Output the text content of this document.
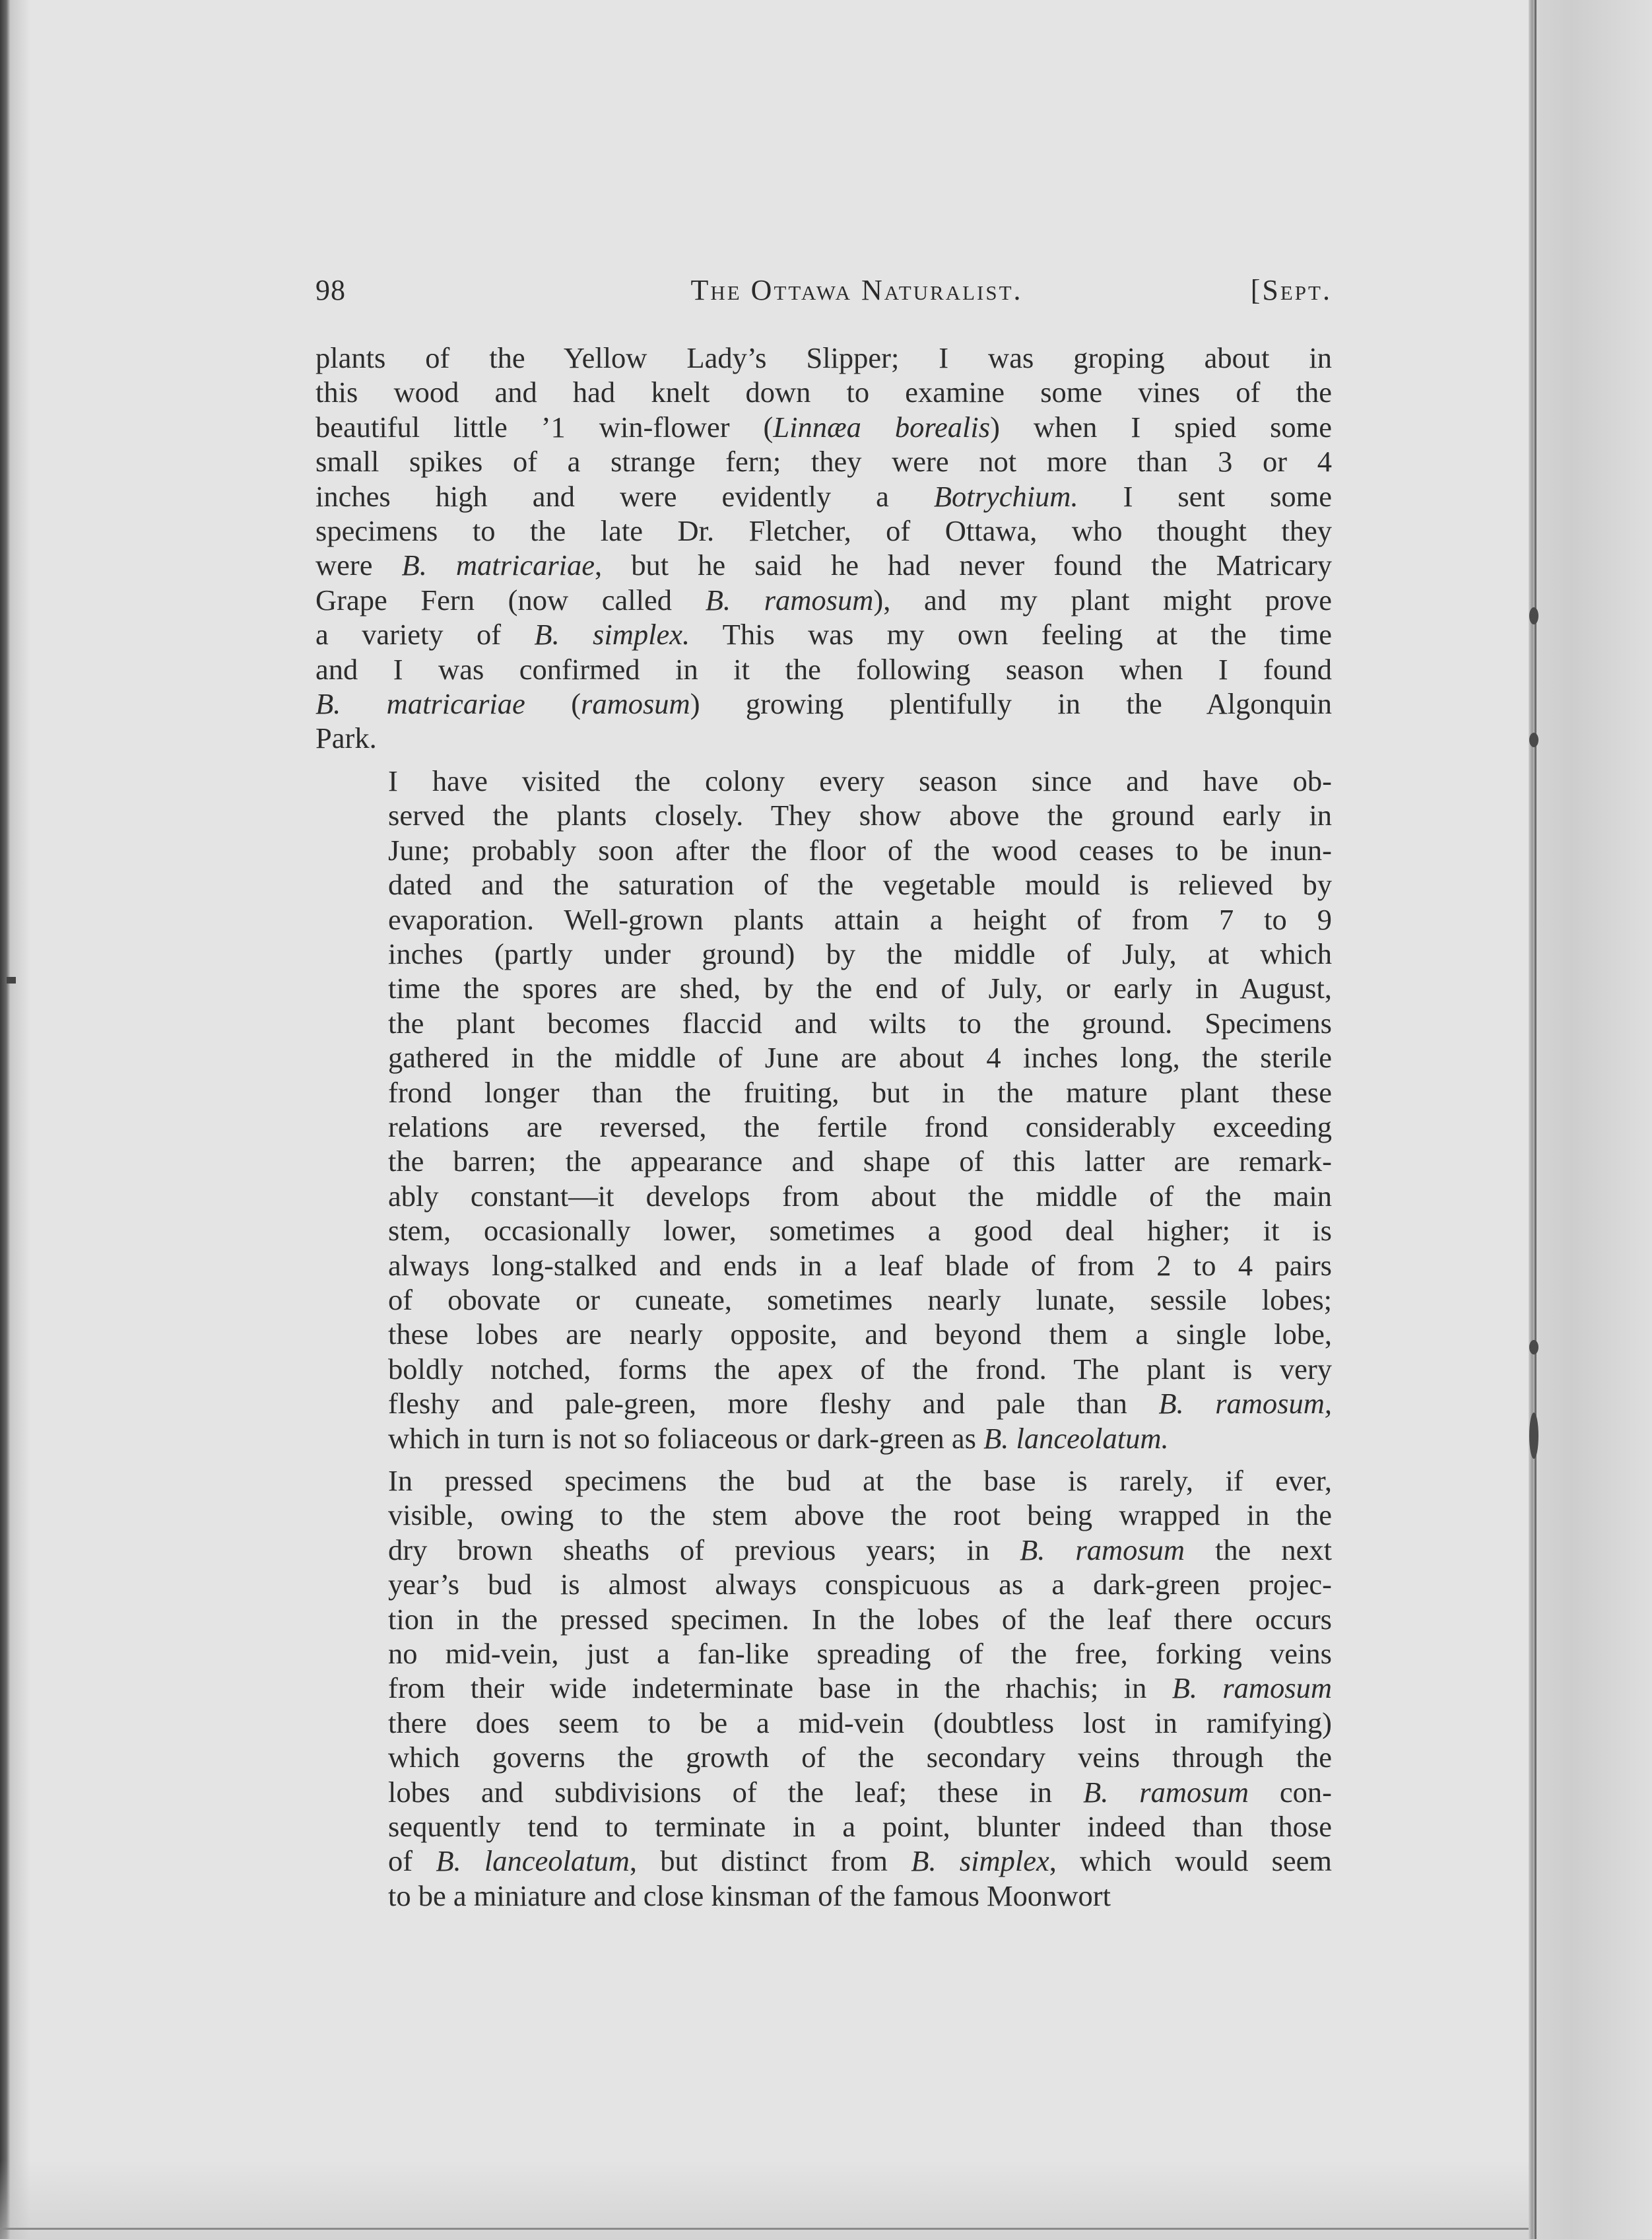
98	The Ottawa Naturalist.	[Sept.

plants of the Yellow Lady’s Slipper; I was groping about in
this wood and had knelt down to examine some vines of the
beautiful little ’1 win-flower (Linnæa borealis) when I spied some
small spikes of a strange fern; they were not more than 3 or 4
inches high and were evidently a Botrychium. I sent some
specimens to the late Dr. Fletcher, of Ottawa, who thought they
were B. matricariae, but he said he had never found the Matricary
Grape Fern (now called B. ramosum), and my plant might prove
a variety of B. simplex. This was my own feeling at the time
and I was confirmed in it the following season when I found
B. matricariae (ramosum) growing plentifully in the Algonquin
Park.

I have visited the colony every season since and have ob-
served the plants closely. They show above the ground early in
June; probably soon after the floor of the wood ceases to be inun-
dated and the saturation of the vegetable mould is relieved by
evaporation. Well-grown plants attain a height of from 7 to 9
inches (partly under ground) by the middle of July, at which
time the spores are shed, by the end of July, or early in August,
the plant becomes flaccid and wilts to the ground. Specimens
gathered in the middle of June are about 4 inches long, the sterile
frond longer than the fruiting, but in the mature plant these
relations are reversed, the fertile frond considerably exceeding
the barren; the appearance and shape of this latter are remark-
ably constant—it develops from about the middle of the main
stem, occasionally lower, sometimes a good deal higher; it is
always long-stalked and ends in a leaf blade of from 2 to 4 pairs
of obovate or cuneate, sometimes nearly lunate, sessile lobes;
these lobes are nearly opposite, and beyond them a single lobe,
boldly notched, forms the apex of the frond. The plant is very
fleshy and pale-green, more fleshy and pale than B. ramosum,
which in turn is not so foliaceous or dark-green as B. lanceolatum.

In pressed specimens the bud at the base is rarely, if ever,
visible, owing to the stem above the root being wrapped in the
dry brown sheaths of previous years; in B. ramosum the next
year’s bud is almost always conspicuous as a dark-green projec-
tion in the pressed specimen. In the lobes of the leaf there occurs
no mid-vein, just a fan-like spreading of the free, forking veins
from their wide indeterminate base in the rhachis; in B. ramosum
there does seem to be a mid-vein (doubtless lost in ramifying)
which governs the growth of the secondary veins through the
lobes and subdivisions of the leaf; these in B. ramosum con-
sequently tend to terminate in a point, blunter indeed than those
of B. lanceolatum, but distinct from B. simplex, which would seem
to be a miniature and close kinsman of the famous Moonwort
